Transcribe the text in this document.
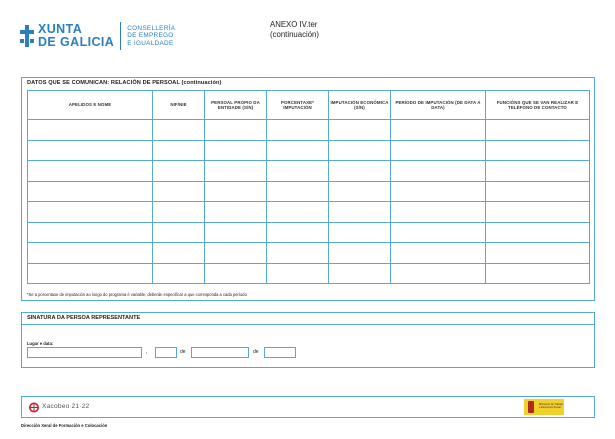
XUNTA
DE GALICIA
CONSELLERÍA
DE EMPREGO
E IGUALDADE
ANEXO IV.ter
(continuación)
DATOS QUE SE COMUNICAN: RELACIÓN DE PERSOAL (continuación)
APELIDOS E NOME	NIF/NIE	PERSOAL PROPIO DA ENTIDADE (S/N)	PORCENTAXE* IMPUTACIÓN	IMPUTACIÓN ECONÓMICA (S/N)	PERÍODO DE IMPUTACIÓN (DE DATA A DATA)	FUNCIÓNS QUE SE VAN REALIZAR E TELÉFONO DE CONTACTO

*Se a porcentaxe de imputación ao longo do programa é variable, deberán especificar a que corresponda a cada período
SINATURA DA PERSOA REPRESENTANTE
Lugar e data:
,	de	de
Xacobeo 21·22	Ministerio de Trabajo e Economía Social
Dirección Xeral de Formación e Colocación
